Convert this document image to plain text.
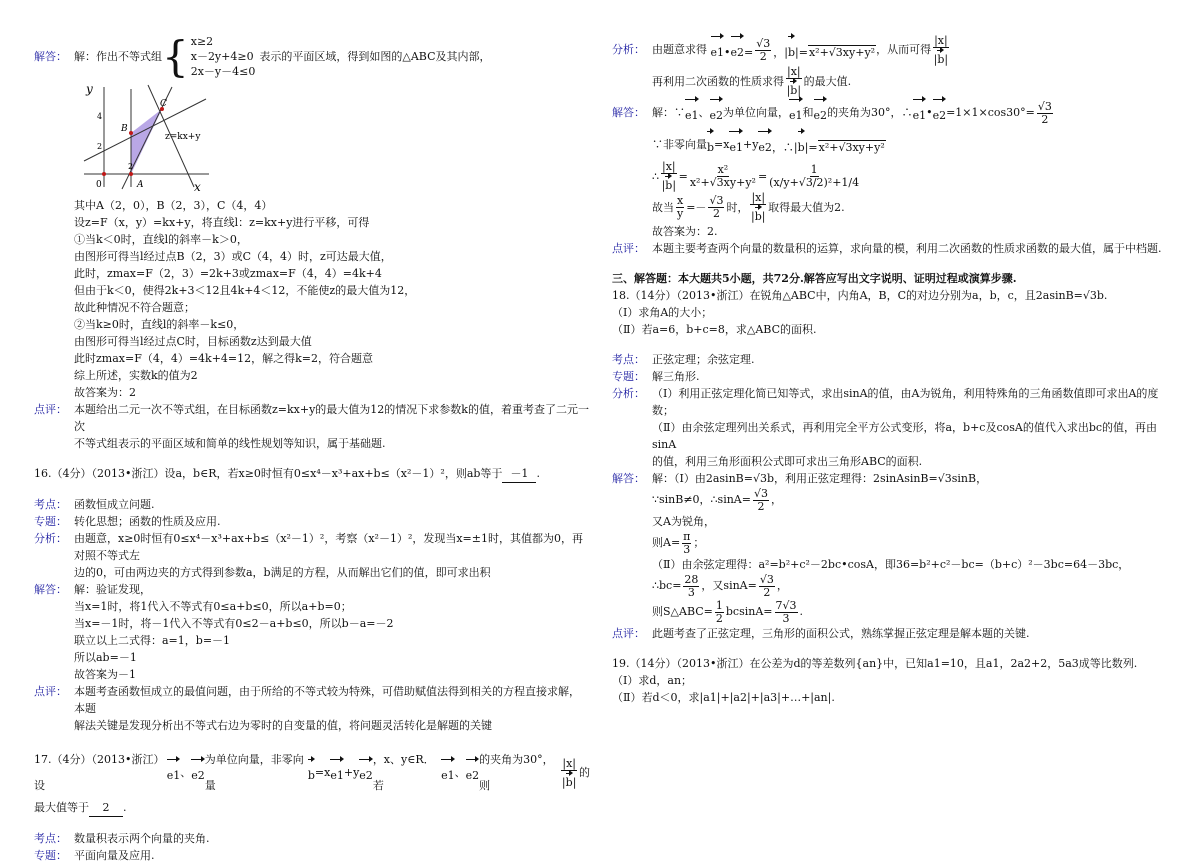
解答： 解：作出不等式组 { x≥2
x－2y+4≥0
2x－y－4≤0
表示的平面区域，得到如图的△ABC及其内部，
y
x
0	A
B
C
z=kx+y
4
2
2
其中A（2，0），B（2，3），C（4，4）
设z=F（x，y）=kx+y，将直线l：z=kx+y进行平移，可得
①当k＜0时，直线l的斜率－k＞0，
由图形可得当l经过点B（2，3）或C（4，4）时，z可达最大值，
此时，zmax=F（2，3）=2k+3或zmax=F（4，4）=4k+4
但由于k＜0，使得2k+3＜12且4k+4＜12，不能使z的最大值为12，
故此种情况不符合题意；
②当k≥0时，直线l的斜率－k≤0，
由图形可得当l经过点C时，目标函数z达到最大值
此时zmax=F（4，4）=4k+4=12，解之得k=2，符合题意
综上所述，实数k的值为2
故答案为：2
点评： 本题给出二元一次不等式组，在目标函数z=kx+y的最大值为12的情况下求参数k的值，着重考查了二元一次
不等式组表示的平面区域和简单的线性规划等知识，属于基础题.
16.（4分）（2013•浙江）设a，b∈R，若x≥0时恒有0≤x⁴－x³+ax+b≤（x²－1）²，则ab等于 －1 .
考点： 函数恒成立问题.
专题： 转化思想；函数的性质及应用.
分析： 由题意，x≥0时恒有0≤x⁴－x³+ax+b≤（x²－1）²，考察（x²－1）²，发现当x=±1时，其值都为0，再对照不等式左
边的0，可由两边夹的方式得到参数a，b满足的方程，从而解出它们的值，即可求出积
解答： 解：验证发现，
当x=1时，将1代入不等式有0≤a+b≤0，所以a+b=0；
当x=－1时，将－1代入不等式有0≤2－a+b≤0，所以b－a=－2
联立以上二式得：a=1，b=－1
所以ab=－1
故答案为－1
点评： 本题考查函数恒成立的最值问题，由于所给的不等式较为特殊，可借助赋值法得到相关的方程直接求解，本题
解法关键是发现分析出不等式右边为零时的自变量的值，将问题灵活转化是解题的关键
17.（4分）（2013•浙江）设
e1 、 e2
为单位向量，非零向量
b =x e1 +y e2
，x、y∈R．若
e1 、 e2
的夹角为30°，则	$\frac{|x|}{|b|}$ 的
最大值等于	2	.
考点： 数量积表示两个向量的夹角.
专题： 平面向量及应用.
分析： 由题意求得 e1•e2= $\frac{√3}{2}$ ，|b|=x²+√3xy+y² ，从而可得 $\frac{|x|}{|b|}$
再利用二次函数的性质求得 $\frac{|x|}{|b|}$ 的最大值.
解答： 解：∵ e1 、 e2 为单位向量， e1 和 e2 的夹角为30°，∴ e1 • $e2 =1\times 1\times\cos 30^\circ= \frac{√3}{2}$
∵非零向量 b =x e1 +y e2 ，∴|b|=x²+√3xy+y²
∴ $\frac{|x|}{|b|} = \frac{\text{x²}}{\text{x²+√3xy+y²}} = \frac{1}{\text{(x/y+√3/2)²+1/4}}$
故当 $\frac{x}{y} =- \frac{√3}{2}$ 时， $\frac{|x|}{|b|}$ 取得最大值为2.
故答案为：2.
点评： 本题主要考查两个向量的数量积的运算，求向量的模，利用二次函数的性质求函数的最大值，属于中档题.
三、解答题：本大题共5小题，共72分.解答应写出文字说明、证明过程或演算步骤.
18.（14分）（2013•浙江）在锐角△ABC中，内角A，B，C的对边分别为a，b，c，且2asinB=√3b.
（Ⅰ）求角A的大小；
（Ⅱ）若a=6，b+c=8，求△ABC的面积.
考点： 正弦定理；余弦定理.
专题： 解三角形.
分析： （Ⅰ）利用正弦定理化简已知等式，求出sinA的值，由A为锐角，利用特殊角的三角函数值即可求出A的度
数；
（Ⅱ）由余弦定理列出关系式，再利用完全平方公式变形，将a，b+c及cosA的值代入求出bc的值，再由sinA
的值，利用三角形面积公式即可求出三角形ABC的面积.
解答： 解：（Ⅰ）由2asinB=√3b，利用正弦定理得：2sinAsinB=√3sinB，
∵sinB≠0，∴sinA= $\frac{√3}{2}$ ，
又A为锐角，
则$A= \frac{\pi}{3}$ ；
（Ⅱ）由余弦定理得：a²=b²+c²－2bc•cosA，即36=b²+c²－bc=（b+c）²－3bc=64－3bc，
∴bc= $\frac{28}{3}$ ，又$\sin A= \frac{√3}{2}$ ，
则S△ABC= $\frac{1}{2} bcsinA= \frac{7√3}{3}$ .
点评： 此题考查了正弦定理，三角形的面积公式，熟练掌握正弦定理是解本题的关键.
19.（14分）（2013•浙江）在公差为d的等差数列{an}中，已知a1=10，且a1，2a2+2，5a3成等比数列.
（Ⅰ）求d，an；
（Ⅱ）若d＜0，求|a1|+|a2|+|a3|+…+|an|.
